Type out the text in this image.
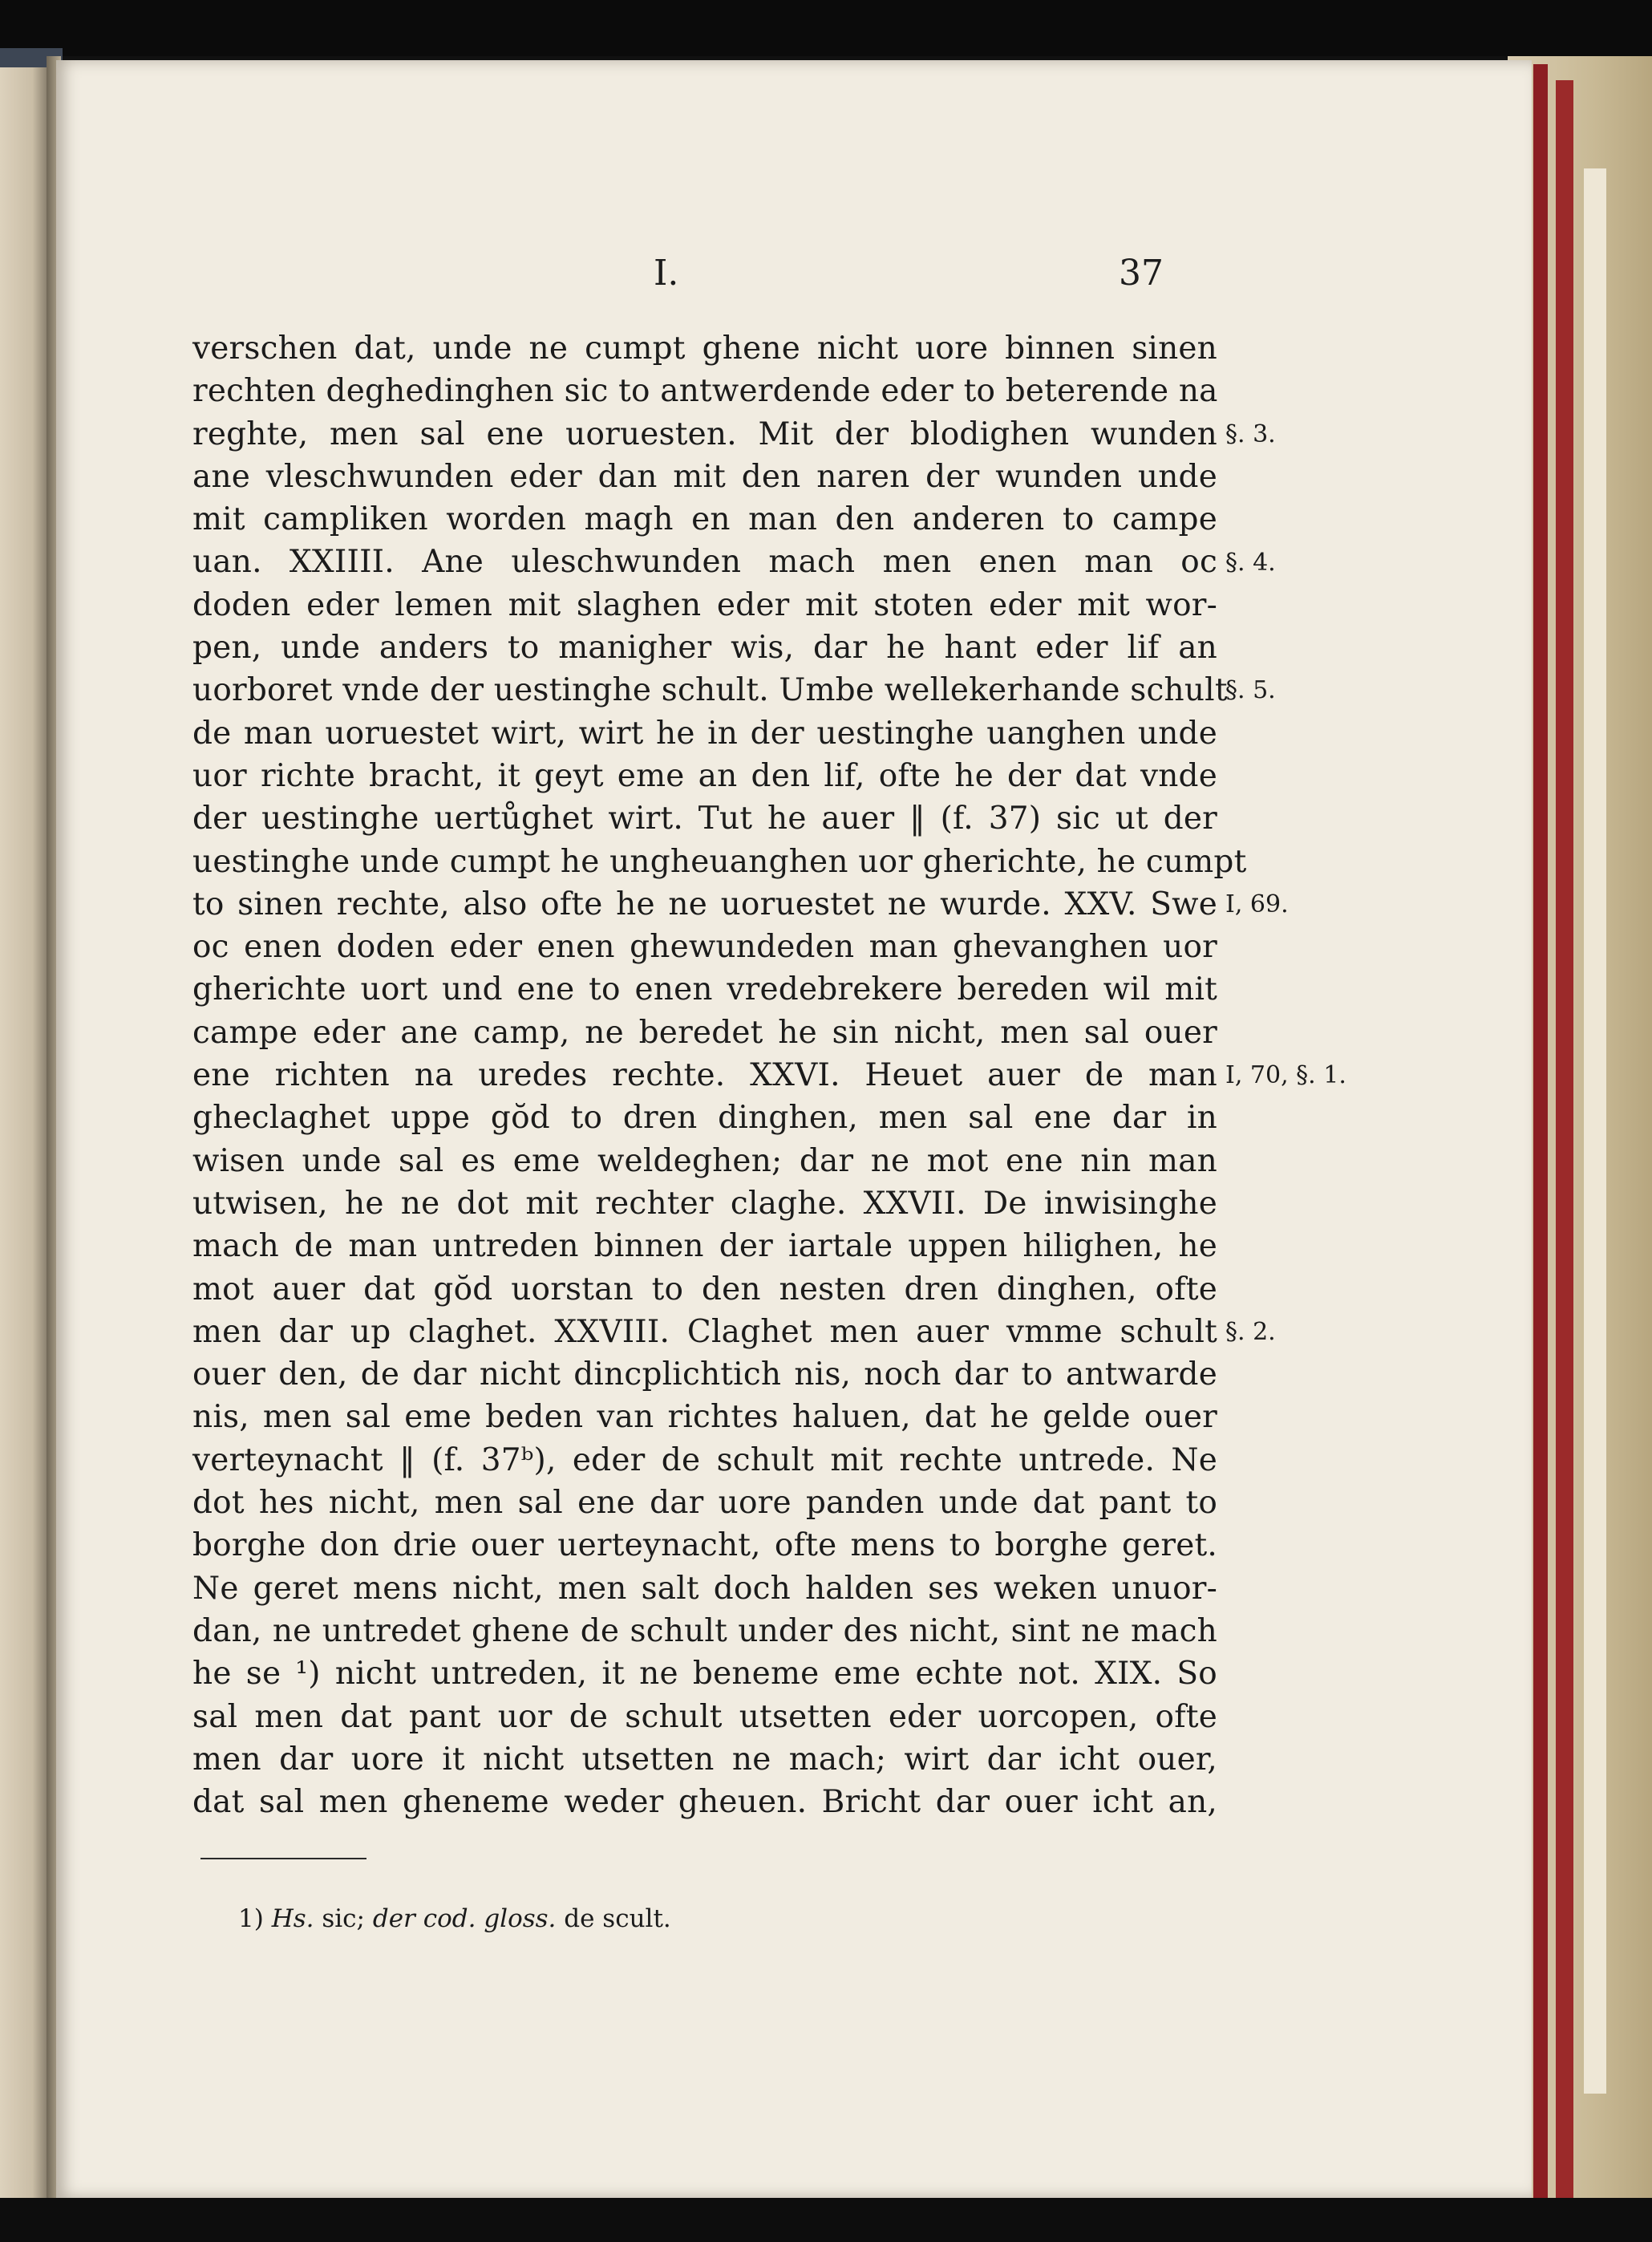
I.	37
verschen dat, unde ne cumpt ghene nicht uore binnen sinen
rechten deghedinghen sic to antwerdende eder to beterende na
reghte, men sal ene uoruesten. Mit der blodighen wunden
ane vleschwunden eder dan mit den naren der wunden unde
mit campliken worden magh en man den anderen to campe
uan. XXIIII. Ane uleschwunden mach men enen man oc
doden eder lemen mit slaghen eder mit stoten eder mit wor-
pen, unde anders to manigher wis, dar he hant eder lif an
uorboret vnde der uestinghe schult. Umbe wellekerhande schult
de man uoruestet wirt, wirt he in der uestinghe uanghen unde
uor richte bracht, it geyt eme an den lif, ofte he der dat vnde
der uestinghe uertůghet wirt. Tut he auer ‖ (f. 37) sic ut der
uestinghe unde cumpt he ungheuanghen uor gherichte, he cumpt
to sinen rechte, also ofte he ne uoruestet ne wurde. XXV. Swe
oc enen doden eder enen ghewundeden man ghevanghen uor
gherichte uort und ene to enen vredebrekere bereden wil mit
campe eder ane camp, ne beredet he sin nicht, men sal ouer
ene richten na uredes rechte. XXVI. Heuet auer de man
gheclaghet uppe gŏd to dren dinghen, men sal ene dar in
wisen unde sal es eme weldeghen; dar ne mot ene nin man
utwisen, he ne dot mit rechter claghe. XXVII. De inwisinghe
mach de man untreden binnen der iartale uppen hilighen, he
mot auer dat gŏd uorstan to den nesten dren dinghen, ofte
men dar up claghet. XXVIII. Claghet men auer vmme schult
ouer den, de dar nicht dincplichtich nis, noch dar to antwarde
nis, men sal eme beden van richtes haluen, dat he gelde ouer
verteynacht ‖ (f. 37ᵇ), eder de schult mit rechte untrede. Ne
dot hes nicht, men sal ene dar uore panden unde dat pant to
borghe don drie ouer uerteynacht, ofte mens to borghe geret.
Ne geret mens nicht, men salt doch halden ses weken unuor-
dan, ne untredet ghene de schult under des nicht, sint ne mach
he se ¹) nicht untreden, it ne beneme eme echte not. XIX. So
sal men dat pant uor de schult utsetten eder uorcopen, ofte
men dar uore it nicht utsetten ne mach; wirt dar icht ouer,
dat sal men gheneme weder gheuen. Bricht dar ouer icht an,
§. 3.
§. 4.
§. 5.
I, 69.
I, 70, §. 1.
§. 2.
1) Hs. sic; der cod. gloss. de scult.
